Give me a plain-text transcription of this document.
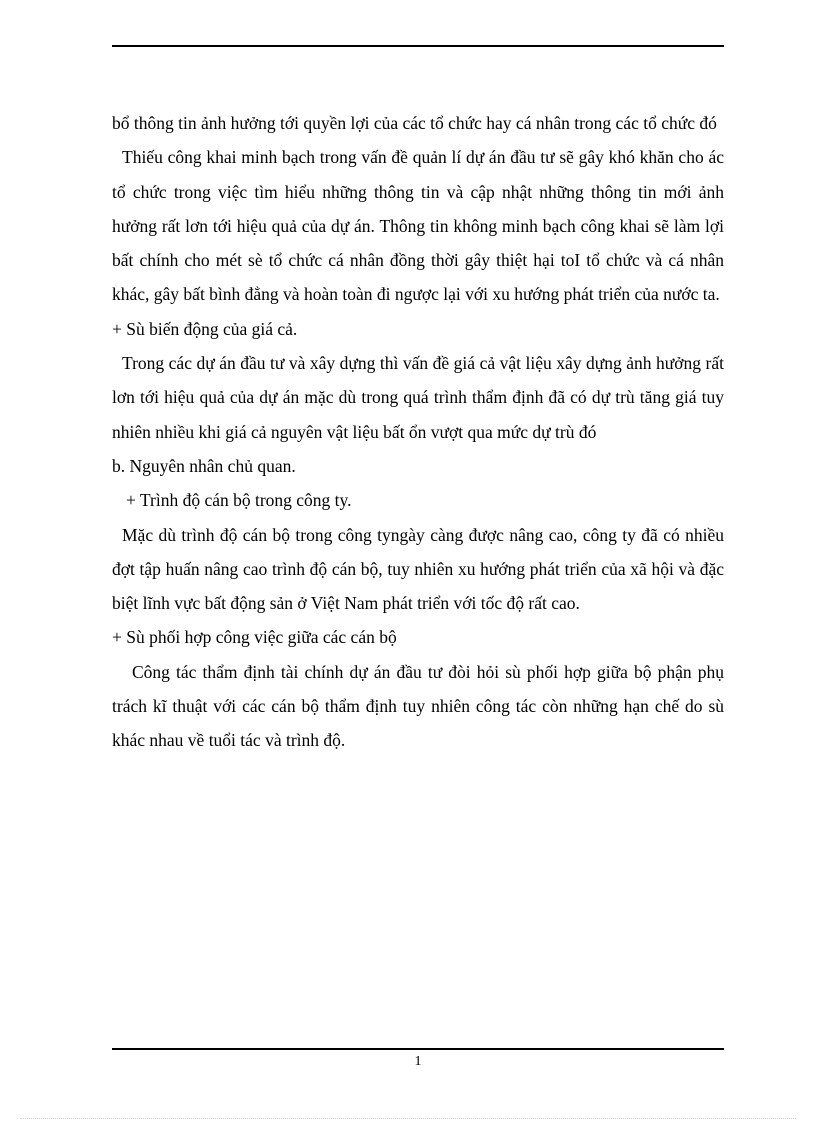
bổ thông tin ảnh hưởng tới quyền lợi của các tổ chức hay cá nhân trong các tổ chức đó

Thiếu công khai minh bạch trong vấn đề quản lí dự án đầu tư sẽ gây khó khăn cho ác tổ chức trong việc tìm hiểu những thông tin và cập nhật những thông tin mới ảnh hưởng rất lơn tới hiệu quả của dự án. Thông tin không minh bạch công khai sẽ làm lợi bất chính cho mét sè tổ chức cá nhân đồng thời gây thiệt hại toI tổ chức và cá nhân khác, gây bất bình đẳng và hoàn toàn đi ngược lại với xu hướng phát triển của nước ta.

+ Sù biến động của giá cả.

Trong các dự án đầu tư và xây dựng thì vấn đề giá cả vật liệu xây dựng ảnh hưởng rất lơn tới hiệu quả của dự án mặc dù trong quá trình thẩm định đã có dự trù tăng giá tuy nhiên nhiều khi giá cả nguyên vật liệu bất ổn vượt qua mức dự trù đó

b. Nguyên nhân chủ quan.

+ Trình độ cán bộ trong công ty.

Mặc dù trình độ cán bộ trong công tyngày càng được nâng cao, công ty đã có nhiều đợt tập huấn nâng cao trình độ cán bộ, tuy nhiên xu hướng phát triển của xã hội và đặc biệt lĩnh vực bất động sản ở Việt Nam phát triển với tốc độ rất cao.

+ Sù phối hợp công việc giữa các cán bộ

Công tác thẩm định tài chính dự án đầu tư đòi hỏi sù phối hợp giữa bộ phận phụ trách kĩ thuật với các cán bộ thẩm định tuy nhiên công tác còn những hạn chế do sù khác nhau về tuổi tác và trình độ.

1
